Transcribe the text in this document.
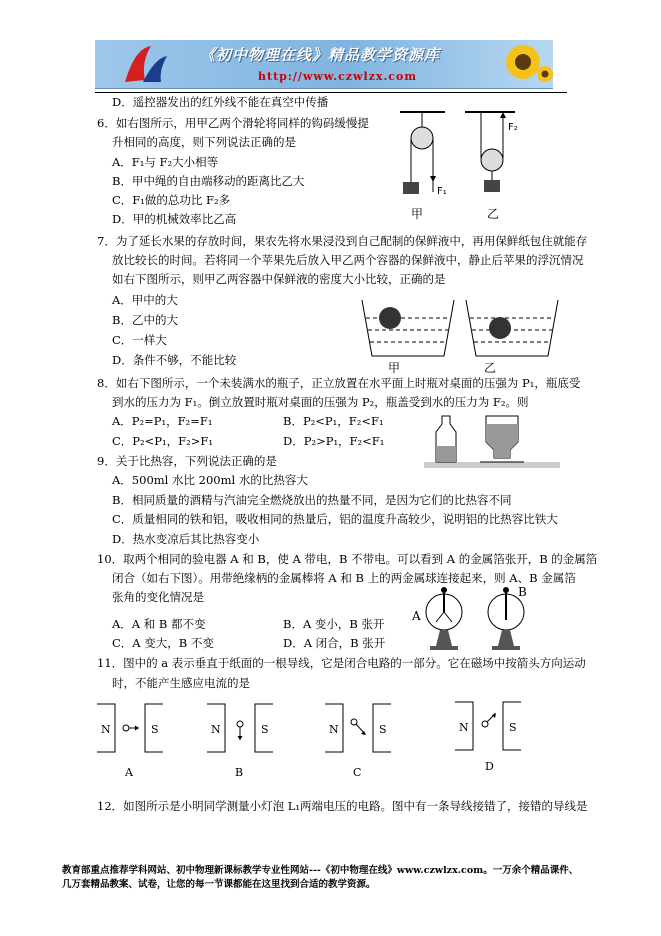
《初中物理在线》精品教学资源库
http://www.czwlzx.com
D．遥控器发出的红外线不能在真空中传播
6．如右图所示，用甲乙两个滑轮将同样的钩码缓慢提
升相同的高度，则下列说法正确的是
A．F₁与 F₂大小相等
B．甲中绳的自由端移动的距离比乙大
C．F₁做的总功比 F₂多
D．甲的机械效率比乙高
F₂
F₁
甲	乙
7．为了延长水果的存放时间，果农先将水果浸没到自己配制的保鲜液中，再用保鲜纸包住就能存
放比较长的时间。若将同一个苹果先后放入甲乙两个容器的保鲜液中，静止后苹果的浮沉情况
如右下图所示，则甲乙两容器中保鲜液的密度大小比较，正确的是
A．甲中的大
B．乙中的大
C．一样大
D．条件不够，不能比较
甲	乙
8．如右下图所示，一个未装满水的瓶子，正立放置在水平面上时瓶对桌面的压强为 P₁，瓶底受
到水的压力为 F₁。倒立放置时瓶对桌面的压强为 P₂，瓶盖受到水的压力为 F₂。则
A．P₂=P₁，F₂=F₁	B．P₂<P₁，F₂<F₁
C．P₂<P₁，F₂>F₁	D．P₂>P₁，F₂<F₁
9．关于比热容，下列说法正确的是
A．500ml 水比 200ml 水的比热容大
B．相同质量的酒精与汽油完全燃烧放出的热量不同，是因为它们的比热容不同
C．质量相同的铁和铝，吸收相同的热量后，铝的温度升高较少，说明铝的比热容比铁大
D．热水变凉后其比热容变小
10．取两个相同的验电器 A 和 B，使 A 带电，B 不带电。可以看到 A 的金属箔张开，B 的金属箔
闭合（如右下图）。用带绝缘柄的金属棒将 A 和 B 上的两金属球连接起来，则 A、B 金属箔
张角的变化情况是
A．A 和 B 都不变	B．A 变小，B 张开
C．A 变大，B 不变	D．A 闭合，B 张开
A
B
11．图中的 a 表示垂直于纸面的一根导线，它是闭合电路的一部分。它在磁场中按箭头方向运动
时，不能产生感应电流的是
N	S
A
N	S
B
N	S
C
N	S
D
12．如图所示是小明同学测量小灯泡 L₁两端电压的电路。图中有一条导线接错了，接错的导线是
教育部重点推荐学科网站、初中物理新课标教学专业性网站---《初中物理在线》www.czwlzx.com。一万余个精品课件、
几万套精品教案、试卷，让您的每一节课都能在这里找到合适的教学资源。
